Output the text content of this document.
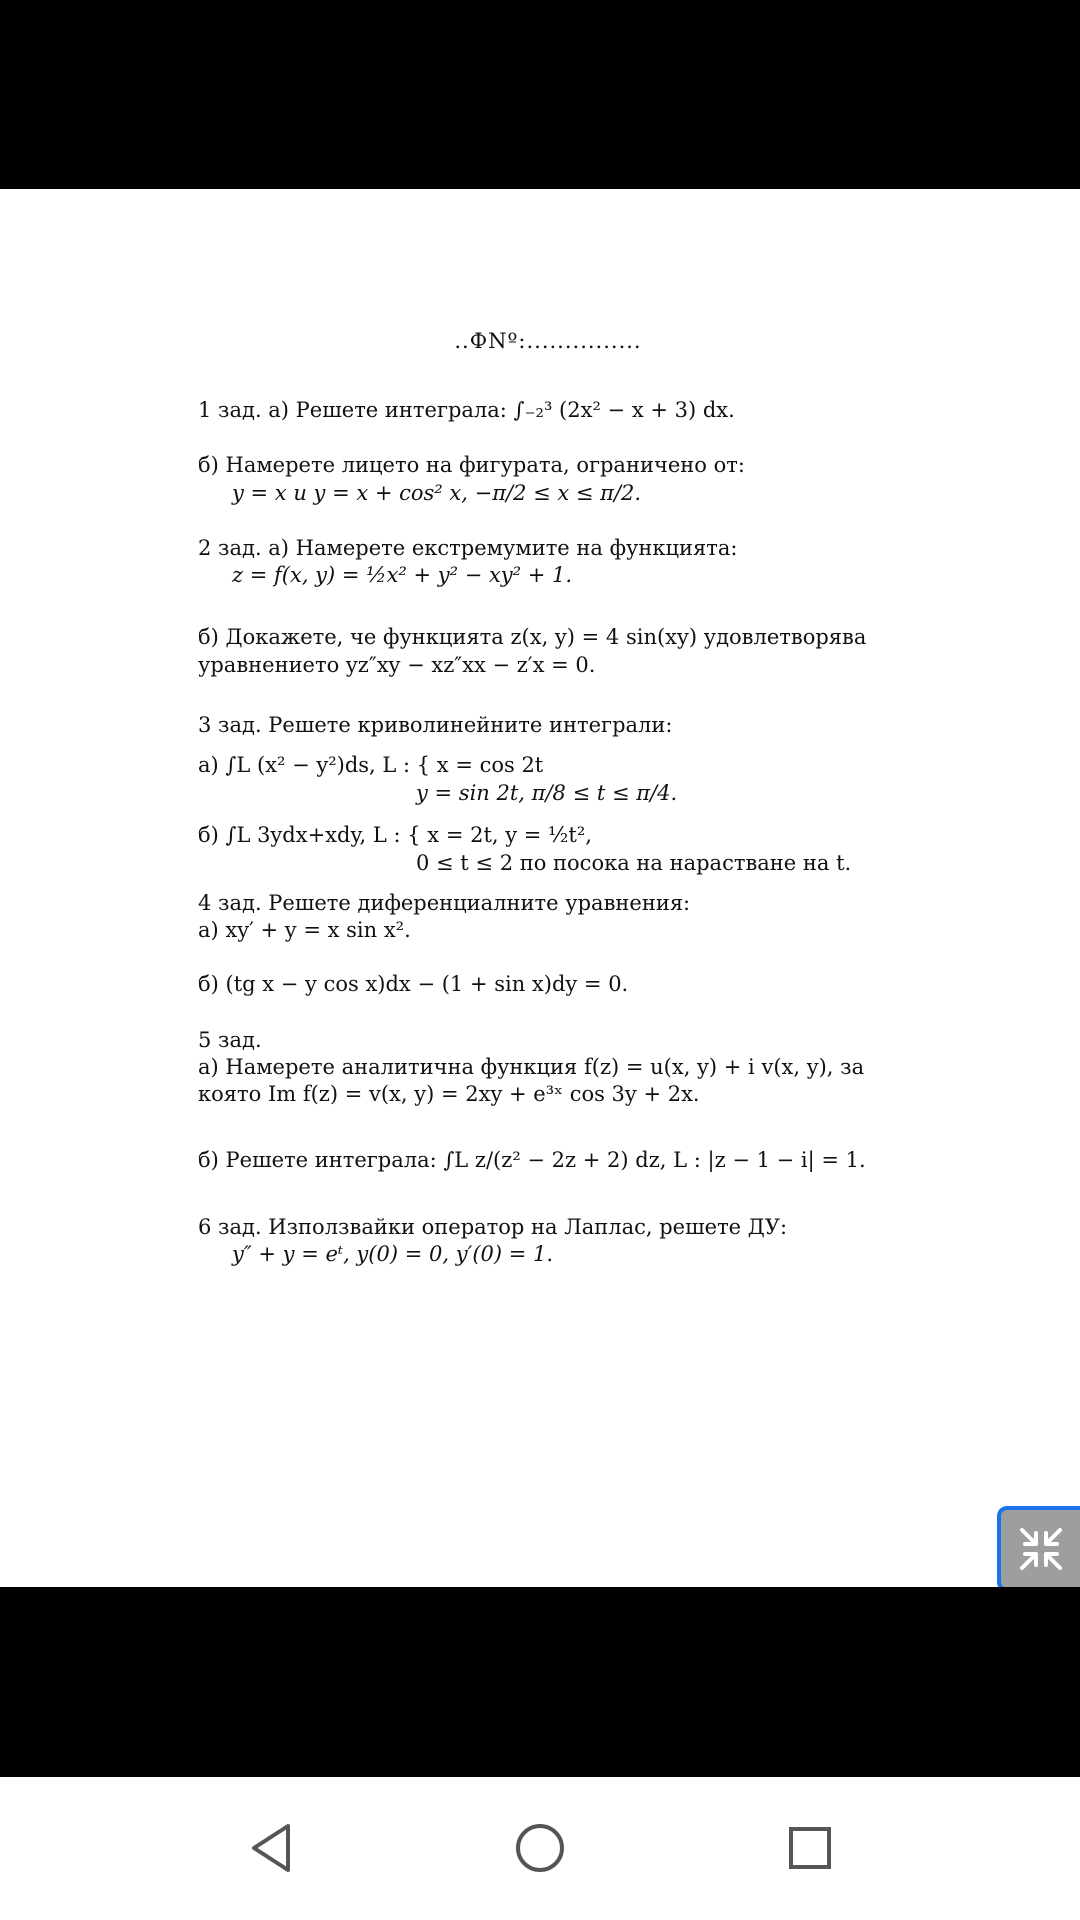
..ФNº:...............
1 зад. а) Решете интеграла: ∫₋₂³ (2x² − x + 3) dx.
б) Намерете лицето на фигурата, ограничено от:
y = x и y = x + cos² x, −π/2 ≤ x ≤ π/2.
2 зад. а) Намерете екстремумите на функцията:
z = f(x, y) = ½x² + y² − xy² + 1.
б) Докажете, че функцията z(x, y) = 4 sin(xy) удовлетворява
уравнението yz″xy − xz″xx − z′x = 0.
3 зад. Решете криволинейните интеграли:
а) ∫L (x² − y²)ds, L : { x = cos 2t
y = sin 2t, π/8 ≤ t ≤ π/4.
б) ∫L 3ydx+xdy, L : { x = 2t, y = ½t²,
0 ≤ t ≤ 2 по посока на нарастване на t.
4 зад. Решете диференциалните уравнения:
а) xy′ + y = x sin x².
б) (tg x − y cos x)dx − (1 + sin x)dy = 0.
5 зад.
а) Намерете аналитична функция f(z) = u(x, y) + i v(x, y), за
която Im f(z) = v(x, y) = 2xy + e³ˣ cos 3y + 2x.
б) Решете интеграла: ∫L z/(z² − 2z + 2) dz, L : |z − 1 − i| = 1.
6 зад. Използвайки оператор на Лаплас, решете ДУ:
y″ + y = eᵗ, y(0) = 0, y′(0) = 1.
